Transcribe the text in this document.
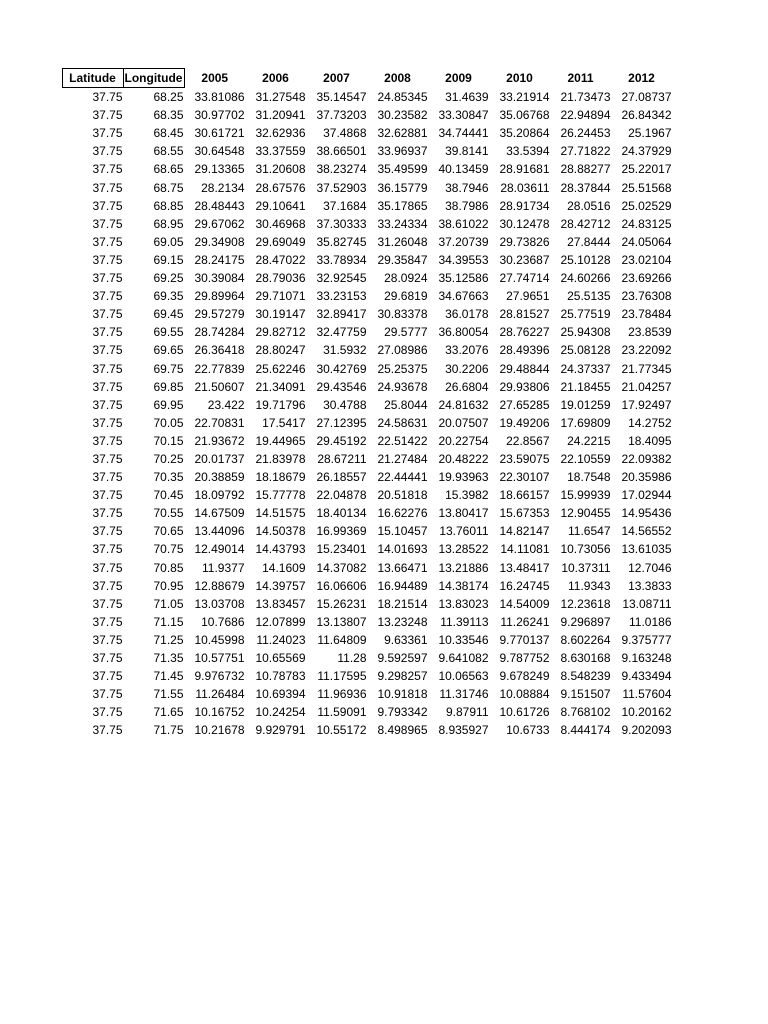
Latitude	Longitude	2005	2006	2007	2008	2009	2010	2011	2012
37.75	68.25	33.81086	31.27548	35.14547	24.85345	31.4639	33.21914	21.73473	27.08737
37.75	68.35	30.97702	31.20941	37.73203	30.23582	33.30847	35.06768	22.94894	26.84342
37.75	68.45	30.61721	32.62936	37.4868	32.62881	34.74441	35.20864	26.24453	25.1967
37.75	68.55	30.64548	33.37559	38.66501	33.96937	39.8141	33.5394	27.71822	24.37929
37.75	68.65	29.13365	31.20608	38.23274	35.49599	40.13459	28.91681	28.88277	25.22017
37.75	68.75	28.2134	28.67576	37.52903	36.15779	38.7946	28.03611	28.37844	25.51568
37.75	68.85	28.48443	29.10641	37.1684	35.17865	38.7986	28.91734	28.0516	25.02529
37.75	68.95	29.67062	30.46968	37.30333	33.24334	38.61022	30.12478	28.42712	24.83125
37.75	69.05	29.34908	29.69049	35.82745	31.26048	37.20739	29.73826	27.8444	24.05064
37.75	69.15	28.24175	28.47022	33.78934	29.35847	34.39553	30.23687	25.10128	23.02104
37.75	69.25	30.39084	28.79036	32.92545	28.0924	35.12586	27.74714	24.60266	23.69266
37.75	69.35	29.89964	29.71071	33.23153	29.6819	34.67663	27.9651	25.5135	23.76308
37.75	69.45	29.57279	30.19147	32.89417	30.83378	36.0178	28.81527	25.77519	23.78484
37.75	69.55	28.74284	29.82712	32.47759	29.5777	36.80054	28.76227	25.94308	23.8539
37.75	69.65	26.36418	28.80247	31.5932	27.08986	33.2076	28.49396	25.08128	23.22092
37.75	69.75	22.77839	25.62246	30.42769	25.25375	30.2206	29.48844	24.37337	21.77345
37.75	69.85	21.50607	21.34091	29.43546	24.93678	26.6804	29.93806	21.18455	21.04257
37.75	69.95	23.422	19.71796	30.4788	25.8044	24.81632	27.65285	19.01259	17.92497
37.75	70.05	22.70831	17.5417	27.12395	24.58631	20.07507	19.49206	17.69809	14.2752
37.75	70.15	21.93672	19.44965	29.45192	22.51422	20.22754	22.8567	24.2215	18.4095
37.75	70.25	20.01737	21.83978	28.67211	21.27484	20.48222	23.59075	22.10559	22.09382
37.75	70.35	20.38859	18.18679	26.18557	22.44441	19.93963	22.30107	18.7548	20.35986
37.75	70.45	18.09792	15.77778	22.04878	20.51818	15.3982	18.66157	15.99939	17.02944
37.75	70.55	14.67509	14.51575	18.40134	16.62276	13.80417	15.67353	12.90455	14.95436
37.75	70.65	13.44096	14.50378	16.99369	15.10457	13.76011	14.82147	11.6547	14.56552
37.75	70.75	12.49014	14.43793	15.23401	14.01693	13.28522	14.11081	10.73056	13.61035
37.75	70.85	11.9377	14.1609	14.37082	13.66471	13.21886	13.48417	10.37311	12.7046
37.75	70.95	12.88679	14.39757	16.06606	16.94489	14.38174	16.24745	11.9343	13.3833
37.75	71.05	13.03708	13.83457	15.26231	18.21514	13.83023	14.54009	12.23618	13.08711
37.75	71.15	10.7686	12.07899	13.13807	13.23248	11.39113	11.26241	9.296897	11.0186
37.75	71.25	10.45998	11.24023	11.64809	9.63361	10.33546	9.770137	8.602264	9.375777
37.75	71.35	10.57751	10.65569	11.28	9.592597	9.641082	9.787752	8.630168	9.163248
37.75	71.45	9.976732	10.78783	11.17595	9.298257	10.06563	9.678249	8.548239	9.433494
37.75	71.55	11.26484	10.69394	11.96936	10.91818	11.31746	10.08884	9.151507	11.57604
37.75	71.65	10.16752	10.24254	11.59091	9.793342	9.87911	10.61726	8.768102	10.20162
37.75	71.75	10.21678	9.929791	10.55172	8.498965	8.935927	10.6733	8.444174	9.202093
